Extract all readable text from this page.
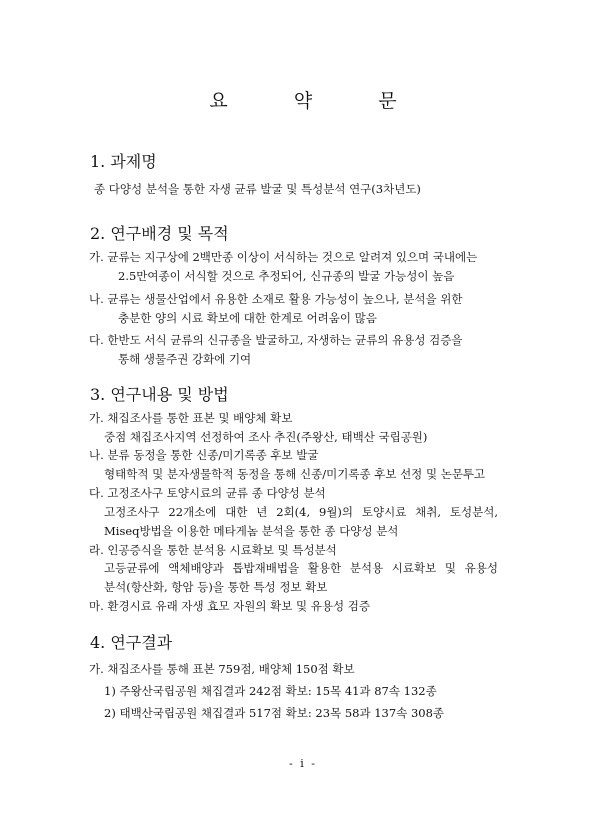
요 약 문
1. 과제명
종 다양성 분석을 통한 자생 균류 발굴 및 특성분석 연구(3차년도)
2. 연구배경 및 목적
가. 균류는 지구상에 2백만종 이상이 서식하는 것으로 알려져 있으며 국내에는
2.5만여종이 서식할 것으로 추정되어, 신규종의 발굴 가능성이 높음
나. 균류는 생물산업에서 유용한 소재로 활용 가능성이 높으나, 분석을 위한
충분한 양의 시료 확보에 대한 한계로 어려움이 많음
다. 한반도 서식 균류의 신규종을 발굴하고, 자생하는 균류의 유용성 검증을
통해 생물주권 강화에 기여
3. 연구내용 및 방법
가. 채집조사를 통한 표본 및 배양체 확보
중점 채집조사지역 선정하여 조사 추진(주왕산, 태백산 국립공원)
나. 분류 동정을 통한 신종/미기록종 후보 발굴
형태학적 및 분자생물학적 동정을 통해 신종/미기록종 후보 선정 및 논문투고
다. 고정조사구 토양시료의 균류 종 다양성 분석
고정조사구 22개소에 대한 년 2회(4, 9월)의 토양시료 채취, 토성분석,
Miseq방법을 이용한 메타게놈 분석을 통한 종 다양성 분석
라. 인공증식을 통한 분석용 시료확보 및 특성분석
고등균류에 액체배양과 톱밥재배법을 활용한 분석용 시료확보 및 유용성
분석(항산화, 항암 등)을 통한 특성 정보 확보
마. 환경시료 유래 자생 효모 자원의 확보 및 유용성 검증
4. 연구결과
가. 채집조사를 통해 표본 759점, 배양체 150점 확보
1) 주왕산국립공원 채집결과 242점 확보: 15목 41과 87속 132종
2) 태백산국립공원 채집결과 517점 확보: 23목 58과 137속 308종
- i -
